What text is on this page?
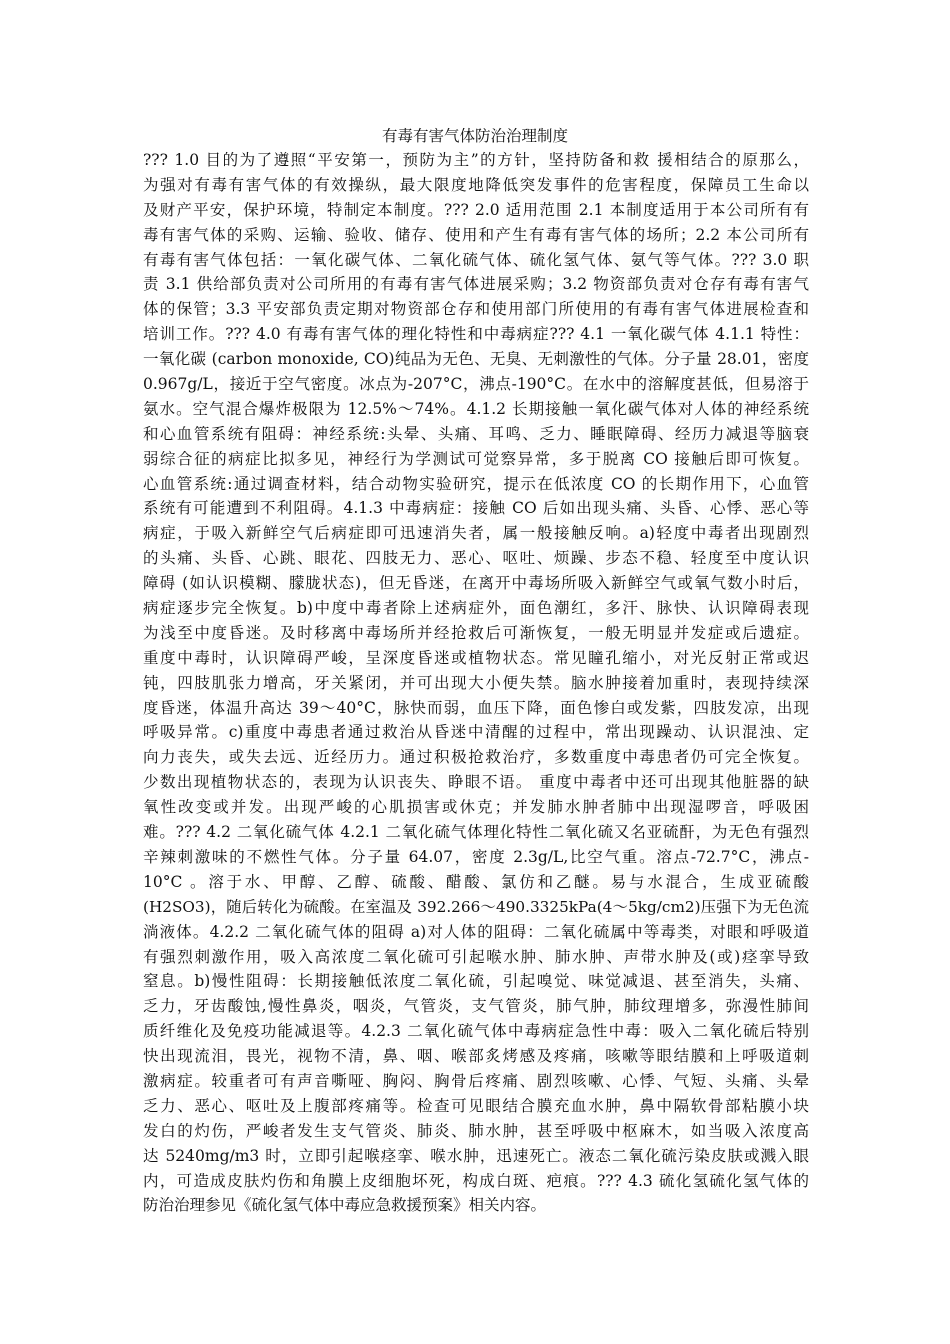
有毒有害气体防治治理制度
??? 1.0 目的为了遵照“平安第一，预防为主”的方针，坚持防备和救 援相结合的原那么，
为强对有毒有害气体的有效操纵，最大限度地降低突发事件的危害程度，保障员工生命以
及财产平安，保护环境，特制定本制度。??? 2.0 适用范围 2.1 本制度适用于本公司所有有
毒有害气体的采购、运输、验收、储存、使用和产生有毒有害气体的场所；2.2 本公司所有
有毒有害气体包括：一氧化碳气体、二氧化硫气体、硫化氢气体、氨气等气体。??? 3.0 职
责 3.1 供给部负责对公司所用的有毒有害气体进展采购；3.2 物资部负责对仓存有毒有害气
体的保管；3.3 平安部负责定期对物资部仓存和使用部门所使用的有毒有害气体进展检查和
培训工作。??? 4.0 有毒有害气体的理化特性和中毒病症??? 4.1 一氧化碳气体 4.1.1 特性：
一氧化碳 (carbon monoxide, CO)纯品为无色、无臭、无刺激性的气体。分子量 28.01，密度
0.967g/L，接近于空气密度。冰点为-207°C，沸点-190°C。在水中的溶解度甚低，但易溶于
氨水。空气混合爆炸极限为 12.5%～74%。4.1.2 长期接触一氧化碳气体对人体的神经系统
和心血管系统有阻碍：神经系统:头晕、头痛、耳鸣、乏力、睡眠障碍、经历力减退等脑衰
弱综合征的病症比拟多见，神经行为学测试可觉察异常，多于脱离 CO 接触后即可恢复。
心血管系统:通过调查材料，结合动物实验研究，提示在低浓度 CO 的长期作用下，心血管
系统有可能遭到不利阻碍。4.1.3 中毒病症：接触 CO 后如出现头痛、头昏、心悸、恶心等
病症，于吸入新鲜空气后病症即可迅速消失者，属一般接触反响。a)轻度中毒者出现剧烈
的头痛、头昏、心跳、眼花、四肢无力、恶心、呕吐、烦躁、步态不稳、轻度至中度认识
障碍 (如认识模糊、朦胧状态)，但无昏迷，在离开中毒场所吸入新鲜空气或氧气数小时后，
病症逐步完全恢复。b)中度中毒者除上述病症外，面色潮红，多汗、脉快、认识障碍表现
为浅至中度昏迷。及时移离中毒场所并经抢救后可渐恢复，一般无明显并发症或后遗症。
重度中毒时，认识障碍严峻，呈深度昏迷或植物状态。常见瞳孔缩小，对光反射正常或迟
钝，四肢肌张力增高，牙关紧闭，并可出现大小便失禁。脑水肿接着加重时，表现持续深
度昏迷，体温升高达 39～40°C，脉快而弱，血压下降，面色惨白或发紫，四肢发凉，出现
呼吸异常。c)重度中毒患者通过救治从昏迷中清醒的过程中，常出现躁动、认识混浊、定
向力丧失，或失去远、近经历力。通过积极抢救治疗，多数重度中毒患者仍可完全恢复。
少数出现植物状态的，表现为认识丧失、睁眼不语。 重度中毒者中还可出现其他脏器的缺
氧性改变或并发。出现严峻的心肌损害或休克；并发肺水肿者肺中出现湿啰音，呼吸困
难。??? 4.2 二氧化硫气体 4.2.1 二氧化硫气体理化特性二氧化硫又名亚硫酐，为无色有强烈
辛辣刺激味的不燃性气体。分子量 64.07，密度 2.3g/L,比空气重。溶点-72.7°C，沸点-
10°C 。溶于水、甲醇、乙醇、硫酸、醋酸、氯仿和乙醚。易与水混合，生成亚硫酸
(H2SO3)，随后转化为硫酸。在室温及 392.266～490.3325kPa(4～5kg/cm2)压强下为无色流
淌液体。4.2.2 二氧化硫气体的阻碍 a)对人体的阻碍：二氧化硫属中等毒类，对眼和呼吸道
有强烈刺激作用，吸入高浓度二氧化硫可引起喉水肿、肺水肿、声带水肿及(或)痉挛导致
窒息。b)慢性阻碍：长期接触低浓度二氧化硫，引起嗅觉、味觉减退、甚至消失，头痛、
乏力，牙齿酸蚀,慢性鼻炎，咽炎，气管炎，支气管炎，肺气肿，肺纹理增多，弥漫性肺间
质纤维化及免疫功能减退等。4.2.3 二氧化硫气体中毒病症急性中毒：吸入二氧化硫后特别
快出现流泪，畏光，视物不清，鼻、咽、喉部炙烤感及疼痛，咳嗽等眼结膜和上呼吸道刺
激病症。较重者可有声音嘶哑、胸闷、胸骨后疼痛、剧烈咳嗽、心悸、气短、头痛、头晕
乏力、恶心、呕吐及上腹部疼痛等。检查可见眼结合膜充血水肿，鼻中隔软骨部粘膜小块
发白的灼伤，严峻者发生支气管炎、肺炎、肺水肿，甚至呼吸中枢麻木，如当吸入浓度高
达 5240mg/m3 时，立即引起喉痉挛、喉水肿，迅速死亡。液态二氧化硫污染皮肤或溅入眼
内，可造成皮肤灼伤和角膜上皮细胞坏死，构成白斑、疤痕。??? 4.3 硫化氢硫化氢气体的
防治治理参见《硫化氢气体中毒应急救援预案》相关内容。
